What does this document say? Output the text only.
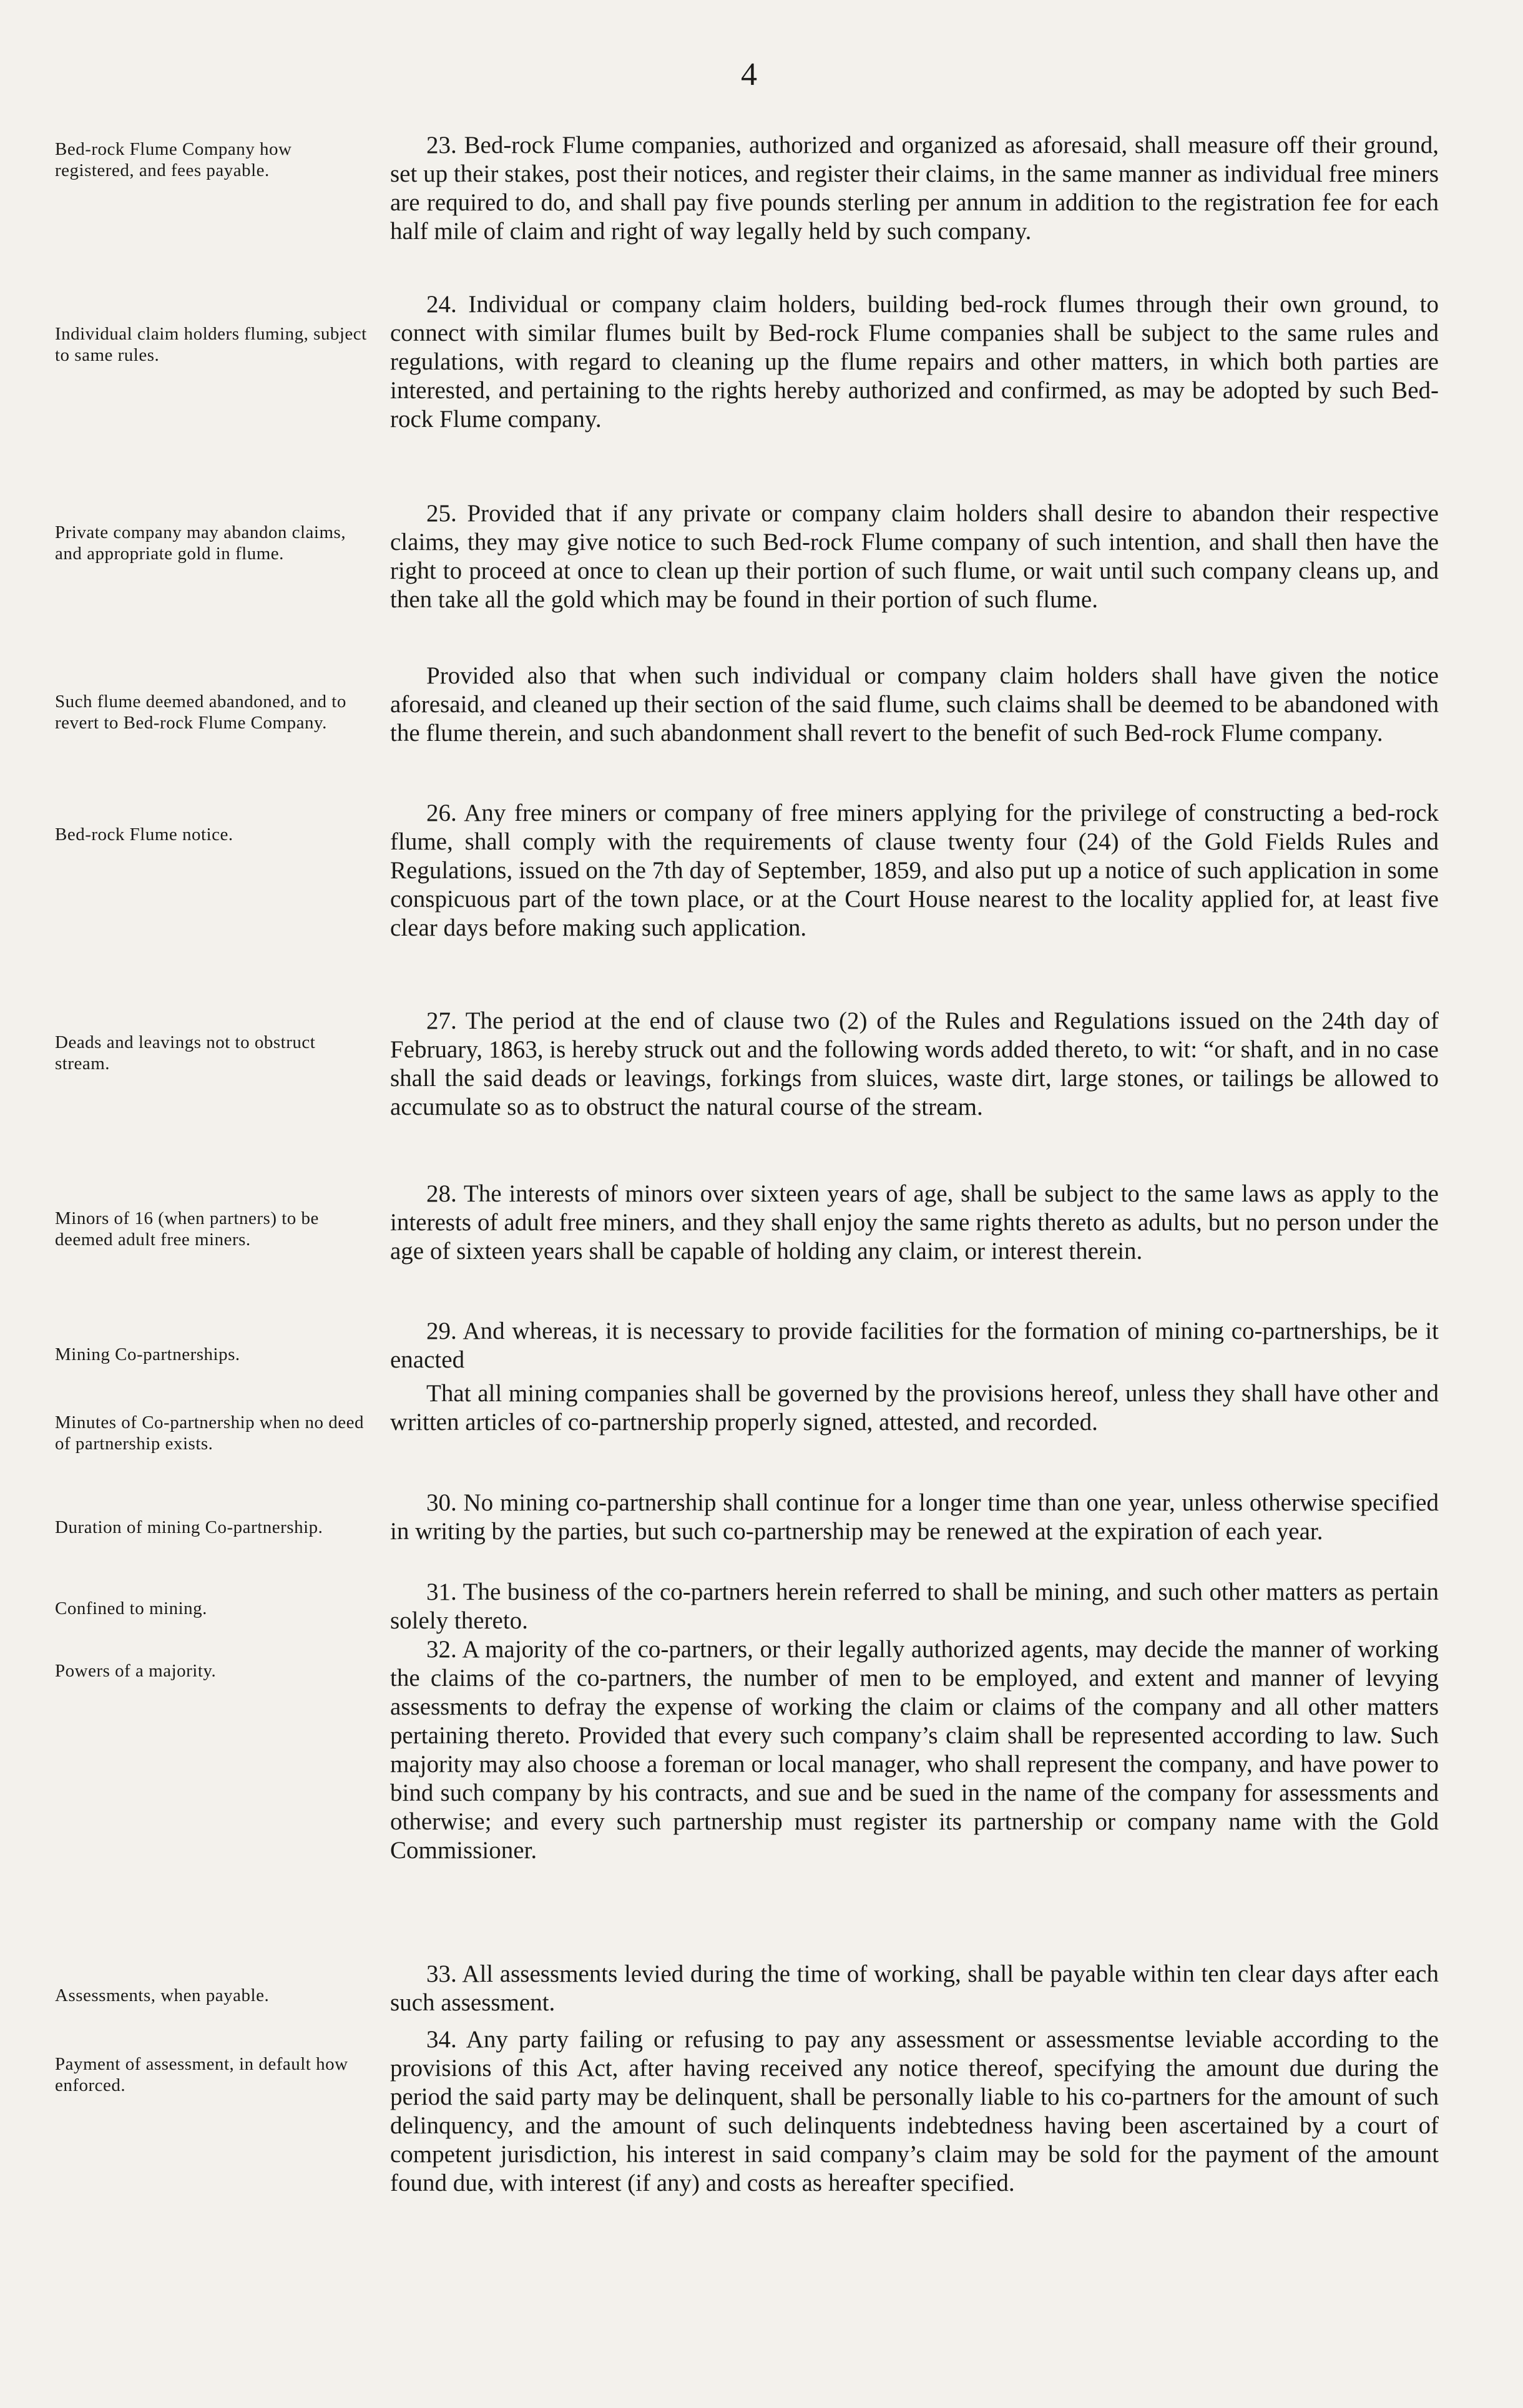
4
Bed-rock Flume Company how registered, and fees payable.
Individual claim holders fluming, subject to same rules.
Private company may abandon claims, and appropriate gold in flume.
Such flume deemed abandoned, and to revert to Bed-rock Flume Company.
Bed-rock Flume notice.
Deads and leavings not to obstruct stream.
Minors of 16 (when partners) to be deemed adult free miners.
Mining Co-partnerships.
Minutes of Co-partnership when no deed of partnership exists.
Duration of mining Co-partnership.
Confined to mining.
Powers of a majority.
Assessments, when payable.
Payment of assessment, in default how enforced.

23. Bed-rock Flume companies, authorized and organized as aforesaid, shall measure off their ground, set up their stakes, post their notices, and register their claims, in the same manner as individual free miners are required to do, and shall pay five pounds sterling per annum in addition to the registration fee for each half mile of claim and right of way legally held by such company.

24. Individual or company claim holders, building bed-rock flumes through their own ground, to connect with similar flumes built by Bed-rock Flume companies shall be subject to the same rules and regulations, with regard to cleaning up the flume repairs and other matters, in which both parties are interested, and pertaining to the rights hereby authorized and confirmed, as may be adopted by such Bed-rock Flume company.

25. Provided that if any private or company claim holders shall desire to abandon their respective claims, they may give notice to such Bed-rock Flume company of such intention, and shall then have the right to proceed at once to clean up their portion of such flume, or wait until such company cleans up, and then take all the gold which may be found in their portion of such flume.

Provided also that when such individual or company claim holders shall have given the notice aforesaid, and cleaned up their section of the said flume, such claims shall be deemed to be abandoned with the flume therein, and such abandonment shall revert to the benefit of such Bed-rock Flume company.

26. Any free miners or company of free miners applying for the privilege of constructing a bed-rock flume, shall comply with the requirements of clause twenty four (24) of the Gold Fields Rules and Regulations, issued on the 7th day of September, 1859, and also put up a notice of such application in some conspicuous part of the town place, or at the Court House nearest to the locality applied for, at least five clear days before making such application.

27. The period at the end of clause two (2) of the Rules and Regulations issued on the 24th day of February, 1863, is hereby struck out and the following words added thereto, to wit: “or shaft, and in no case shall the said deads or leavings, forkings from sluices, waste dirt, large stones, or tailings be allowed to accumulate so as to obstruct the natural course of the stream.

28. The interests of minors over sixteen years of age, shall be subject to the same laws as apply to the interests of adult free miners, and they shall enjoy the same rights thereto as adults, but no person under the age of sixteen years shall be capable of holding any claim, or interest therein.

29. And whereas, it is necessary to provide facilities for the formation of mining co-partnerships, be it enacted

That all mining companies shall be governed by the provisions hereof, unless they shall have other and written articles of co-partnership properly signed, attested, and recorded.

30. No mining co-partnership shall continue for a longer time than one year, unless otherwise specified in writing by the parties, but such co-partnership may be renewed at the expiration of each year.

31. The business of the co-partners herein referred to shall be mining, and such other matters as pertain solely thereto.

32. A majority of the co-partners, or their legally authorized agents, may decide the manner of working the claims of the co-partners, the number of men to be employed, and extent and manner of levying assessments to defray the expense of working the claim or claims of the company and all other matters pertaining thereto. Provided that every such company’s claim shall be represented according to law. Such majority may also choose a foreman or local manager, who shall represent the company, and have power to bind such company by his contracts, and sue and be sued in the name of the company for assessments and otherwise; and every such partnership must register its partnership or company name with the Gold Commissioner.

33. All assessments levied during the time of working, shall be payable within ten clear days after each such assessment.

34. Any party failing or refusing to pay any assessment or assessmentse leviable according to the provisions of this Act, after having received any notice thereof, specifying the amount due during the period the said party may be delinquent, shall be personally liable to his co-partners for the amount of such delinquency, and the amount of such delinquents indebtedness having been ascertained by a court of competent jurisdiction, his interest in said company’s claim may be sold for the payment of the amount found due, with interest (if any) and costs as hereafter specified.
